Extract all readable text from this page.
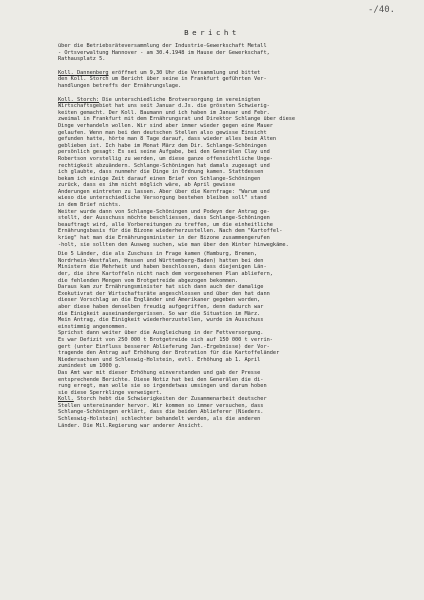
-/40.
Bericht
über die Betriebsräteversammlung der Industrie-Gewerkschaft Metall
- Ortsverwaltung Hannover - am 30.4.1948 im Hause der Gewerkschaft,
Rathausplatz 5.
Koll. Dannenberg eröffnet um 9,30 Uhr die Versammlung und bittet
den Koll. Storch um Bericht über seine in Frankfurt geführten Ver-
handlungen betreffs der Ernährungslage.
Koll. Storch: Die unterschiedliche Brotversorgung im vereinigten
Wirtschaftsgebiet hat uns seit Januar d.Js. die grössten Schwierig-
keiten gemacht. Der Koll. Baumann und ich haben im Januar und Febr.
zweimal in Frankfurt mit dem Ernährungsrat und Direktor Schlange über diese
Dinge verhandeln wollen. Wir sind aber immer wieder gegen eine Mauer
gelaufen. Wenn man bei den deutschen Stellen also gewisse Einsicht
gefunden hatte, hörte man 8 Tage darauf, dass wieder alles beim Alten
geblieben ist. Ich habe im Monat März dem Dir. Schlange-Schöningen
persönlich gesagt: Es sei seine Aufgabe, bei den Generälen Clay und
Robertson vorstellig zu werden, um diese ganze offensichtliche Unge-
rechtigkeit abzuändern. Schlange-Schöningen hat damals zugesagt und
ich glaubte, dass nunmehr die Dinge in Ordnung kamen. Stattdessen
bekam ich einige Zeit darauf einen Brief von Schlange-Schöningen
zurück, dass es ihm nicht möglich wäre, ab April gewisse
Änderungen eintreten zu lassen. Aber über die Kernfrage: "Warum und
wieso die unterschiedliche Versorgung bestehen bleiben soll" stand
in dem Brief nichts.
Weiter wurde dann von Schlange-Schöningen und Podeyn der Antrag ge-
stellt, der Ausschuss möchte beschliessen, dass Schlange-Schöningen
beauftragt wird, alle Vorbereitungen zu treffen, um die einheitliche
Ernährungsbasis für die Bizone wiederherzustellen. Nach dem "Kartoffel-
krieg" hat man die Ernährungsminister in der Bizone zusammengerufen
-holt, sie sollten den Ausweg suchen, wie man über den Winter hinwegkäme.
Die 5 Länder, die als Zuschuss in Frage kamen (Hamburg, Bremen,
Nordrhein-Westfalen, Hessen und Württemberg-Baden) hatten bei den
Ministern die Mehrheit und haben beschlossen, dass diejenigen Län-
der, die ihre Kartoffeln nicht nach dem vorgesehenen Plan abliefern,
die fehlenden Mengen vom Brotgetreide abgezogen bekommen.
Daraus kam zur Ernährungsminister hat sich dann auch der damalige
Exekutivrat der Wirtschaftsräte angeschlossen und über den hat dann
dieser Vorschlag an die Engländer und Amerikaner gegeben worden,
aber diese haben denselben freudig aufgegriffen, denn dadurch war
die Einigkeit auseinandergerissen. So war die Situation im März.
Mein Antrag, die Einigkeit wiederherzustellen, wurde im Ausschuss
einstimmig angenommen.
Sprichst dann weiter über die Ausgleichung in der Fettversorgung.
Es war Defizit von 250 000 t Brotgetreide sich auf 150 000 t verrin-
gert (unter Einfluss besserer Ablieferung Jan.-Ergebnisse) der Vor-
tragende den Antrag auf Erhöhung der Brotration für die Kartoffeländer
Niedersachsen und Schleswig-Holstein, evtl. Erhöhung ab 1. April
zumindest um 1000 g.
Das Amt war mit dieser Erhöhung einverstanden und gab der Presse
entsprechende Berichte. Diese Notiz hat bei den Generälen die di-
rung erregt, man wolle sie so irgendetwas umsingen und darum hoben
sie diese Sperrklinge verweigert.
Koll. Storch hebt die Schwierigkeiten der Zusammenarbeit deutscher
Stellen untereinander hervor. Wir kommen so immer versuchen, dass
Schlange-Schöningen erklärt, dass die beiden Ablieferer (Nieders.
Schleswig-Holstein) schlechter behandelt werden, als die anderen
Länder. Die Mil.Regierung war anderer Ansicht.
